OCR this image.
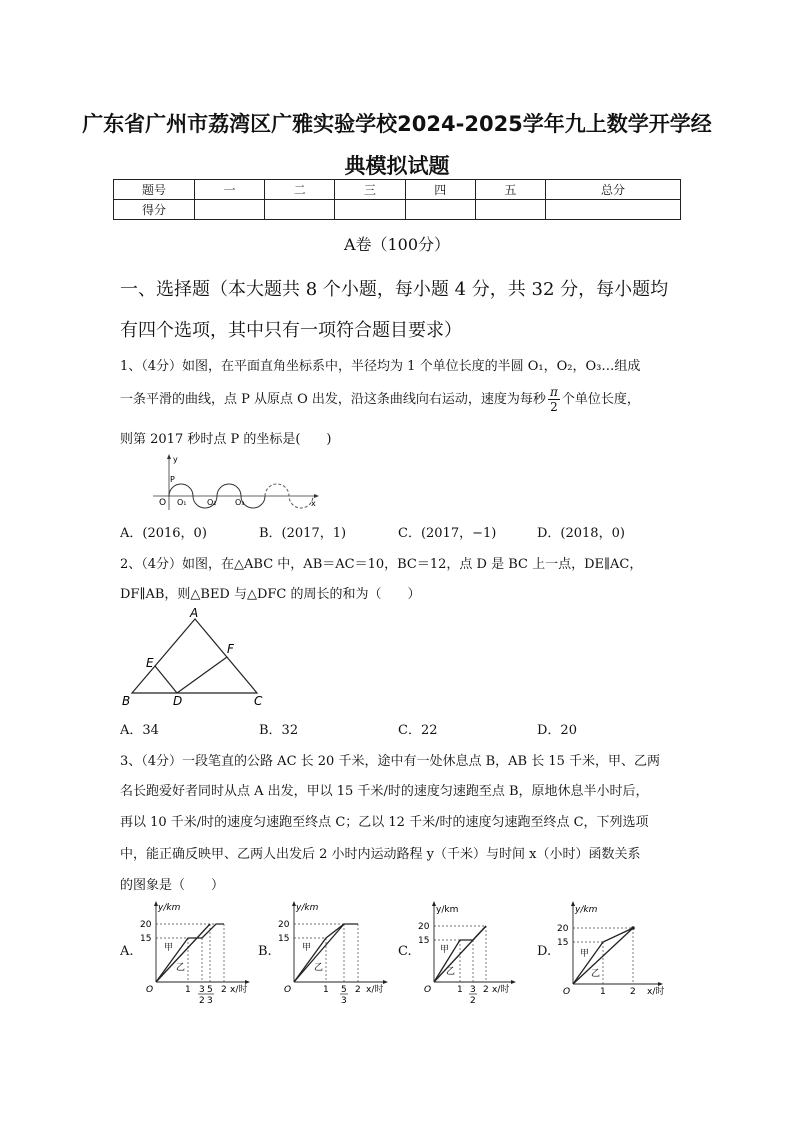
广东省广州市荔湾区广雅实验学校2024-2025学年九上数学开学经
典模拟试题
题号	一	二	三	四	五	总分
得分						
A卷（100分）
一、选择题（本大题共 8 个小题，每小题 4 分，共 32 分，每小题均
有四个选项，其中只有一项符合题目要求）
1、（4分）如图，在平面直角坐标系中，半径均为 1 个单位长度的半圆 O₁，O₂，O₃…组成
一条平滑的曲线，点 P 从原点 O 出发，沿这条曲线向右运动，速度为每秒 $\frac{\pi}{2}$ 个单位长度，
则第 2017 秒时点 P 的坐标是(　　)
y
x
O
P
O₁	O₂ O₃
A．(2016，0)	B．(2017，1)	C．(2017，−1)	D．(2018，0)
2、（4分）如图，在△ABC 中，AB＝AC＝10，BC＝12，点 D 是 BC 上一点，DE∥AC，
DF∥AB，则△BED 与△DFC 的周长的和为（　　）
A
B	C
D
E
F
A．34	B．32	C．22	D．20
3、（4分）一段笔直的公路 AC 长 20 千米，途中有一处休息点 B，AB 长 15 千米，甲、乙两
名长跑爱好者同时从点 A 出发，甲以 15 千米/时的速度匀速跑至点 B，原地休息半小时后，
再以 10 千米/时的速度匀速跑至终点 C；乙以 12 千米/时的速度匀速跑至终点 C，下列选项
中，能正确反映甲、乙两人出发后 2 小时内运动路程 y（千米）与时间 x（小时）函数关系
的图象是（　　）
A.
y/km
20
15
O	1 3 5 2
2 3
x/时
甲
乙
B.
y/km
20
15
O	1 5 2
3
x/时
甲
乙
C.
y/km
20
15
O	1 3 2
2
x/时
甲
乙
D.
y/km
20
15
O	1	2 x/时
甲
乙
